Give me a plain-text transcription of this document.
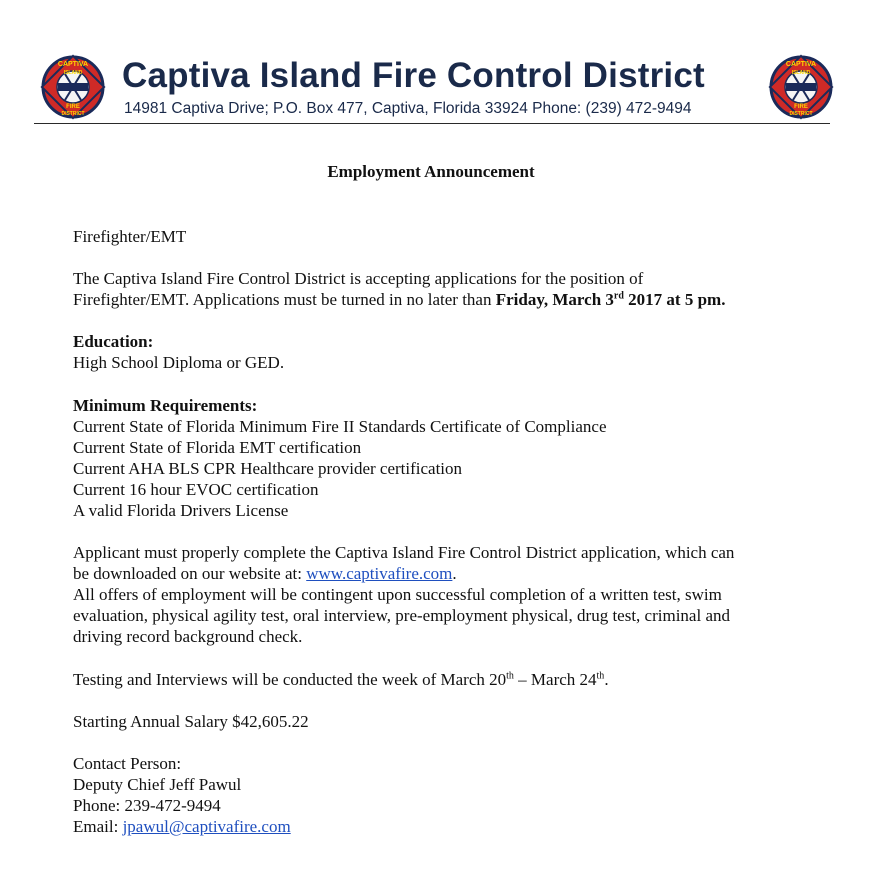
CAPTIVA
ISLAND
FIRE
DISTRICT
Captiva Island Fire Control District
14981 Captiva Drive; P.O. Box 477, Captiva, Florida 33924 Phone: (239) 472-9494
CAPTIVA
ISLAND
FIRE
DISTRICT
Employment Announcement
Firefighter/EMT
The Captiva Island Fire Control District is accepting applications for the position of
Firefighter/EMT. Applications must be turned in no later than Friday, March 3rd 2017 at 5 pm.
Education:
High School Diploma or GED.
Minimum Requirements:
Current State of Florida Minimum Fire II Standards Certificate of Compliance
Current State of Florida EMT certification
Current AHA BLS CPR Healthcare provider certification
Current 16 hour EVOC certification
A valid Florida Drivers License
Applicant must properly complete the Captiva Island Fire Control District application, which can
be downloaded on our website at: www.captivafire.com.
All offers of employment will be contingent upon successful completion of a written test, swim
evaluation, physical agility test, oral interview, pre-employment physical, drug test, criminal and
driving record background check.
Testing and Interviews will be conducted the week of March 20th – March 24th.
Starting Annual Salary $42,605.22
Contact Person:
Deputy Chief Jeff Pawul
Phone: 239-472-9494
Email: jpawul@captivafire.com
